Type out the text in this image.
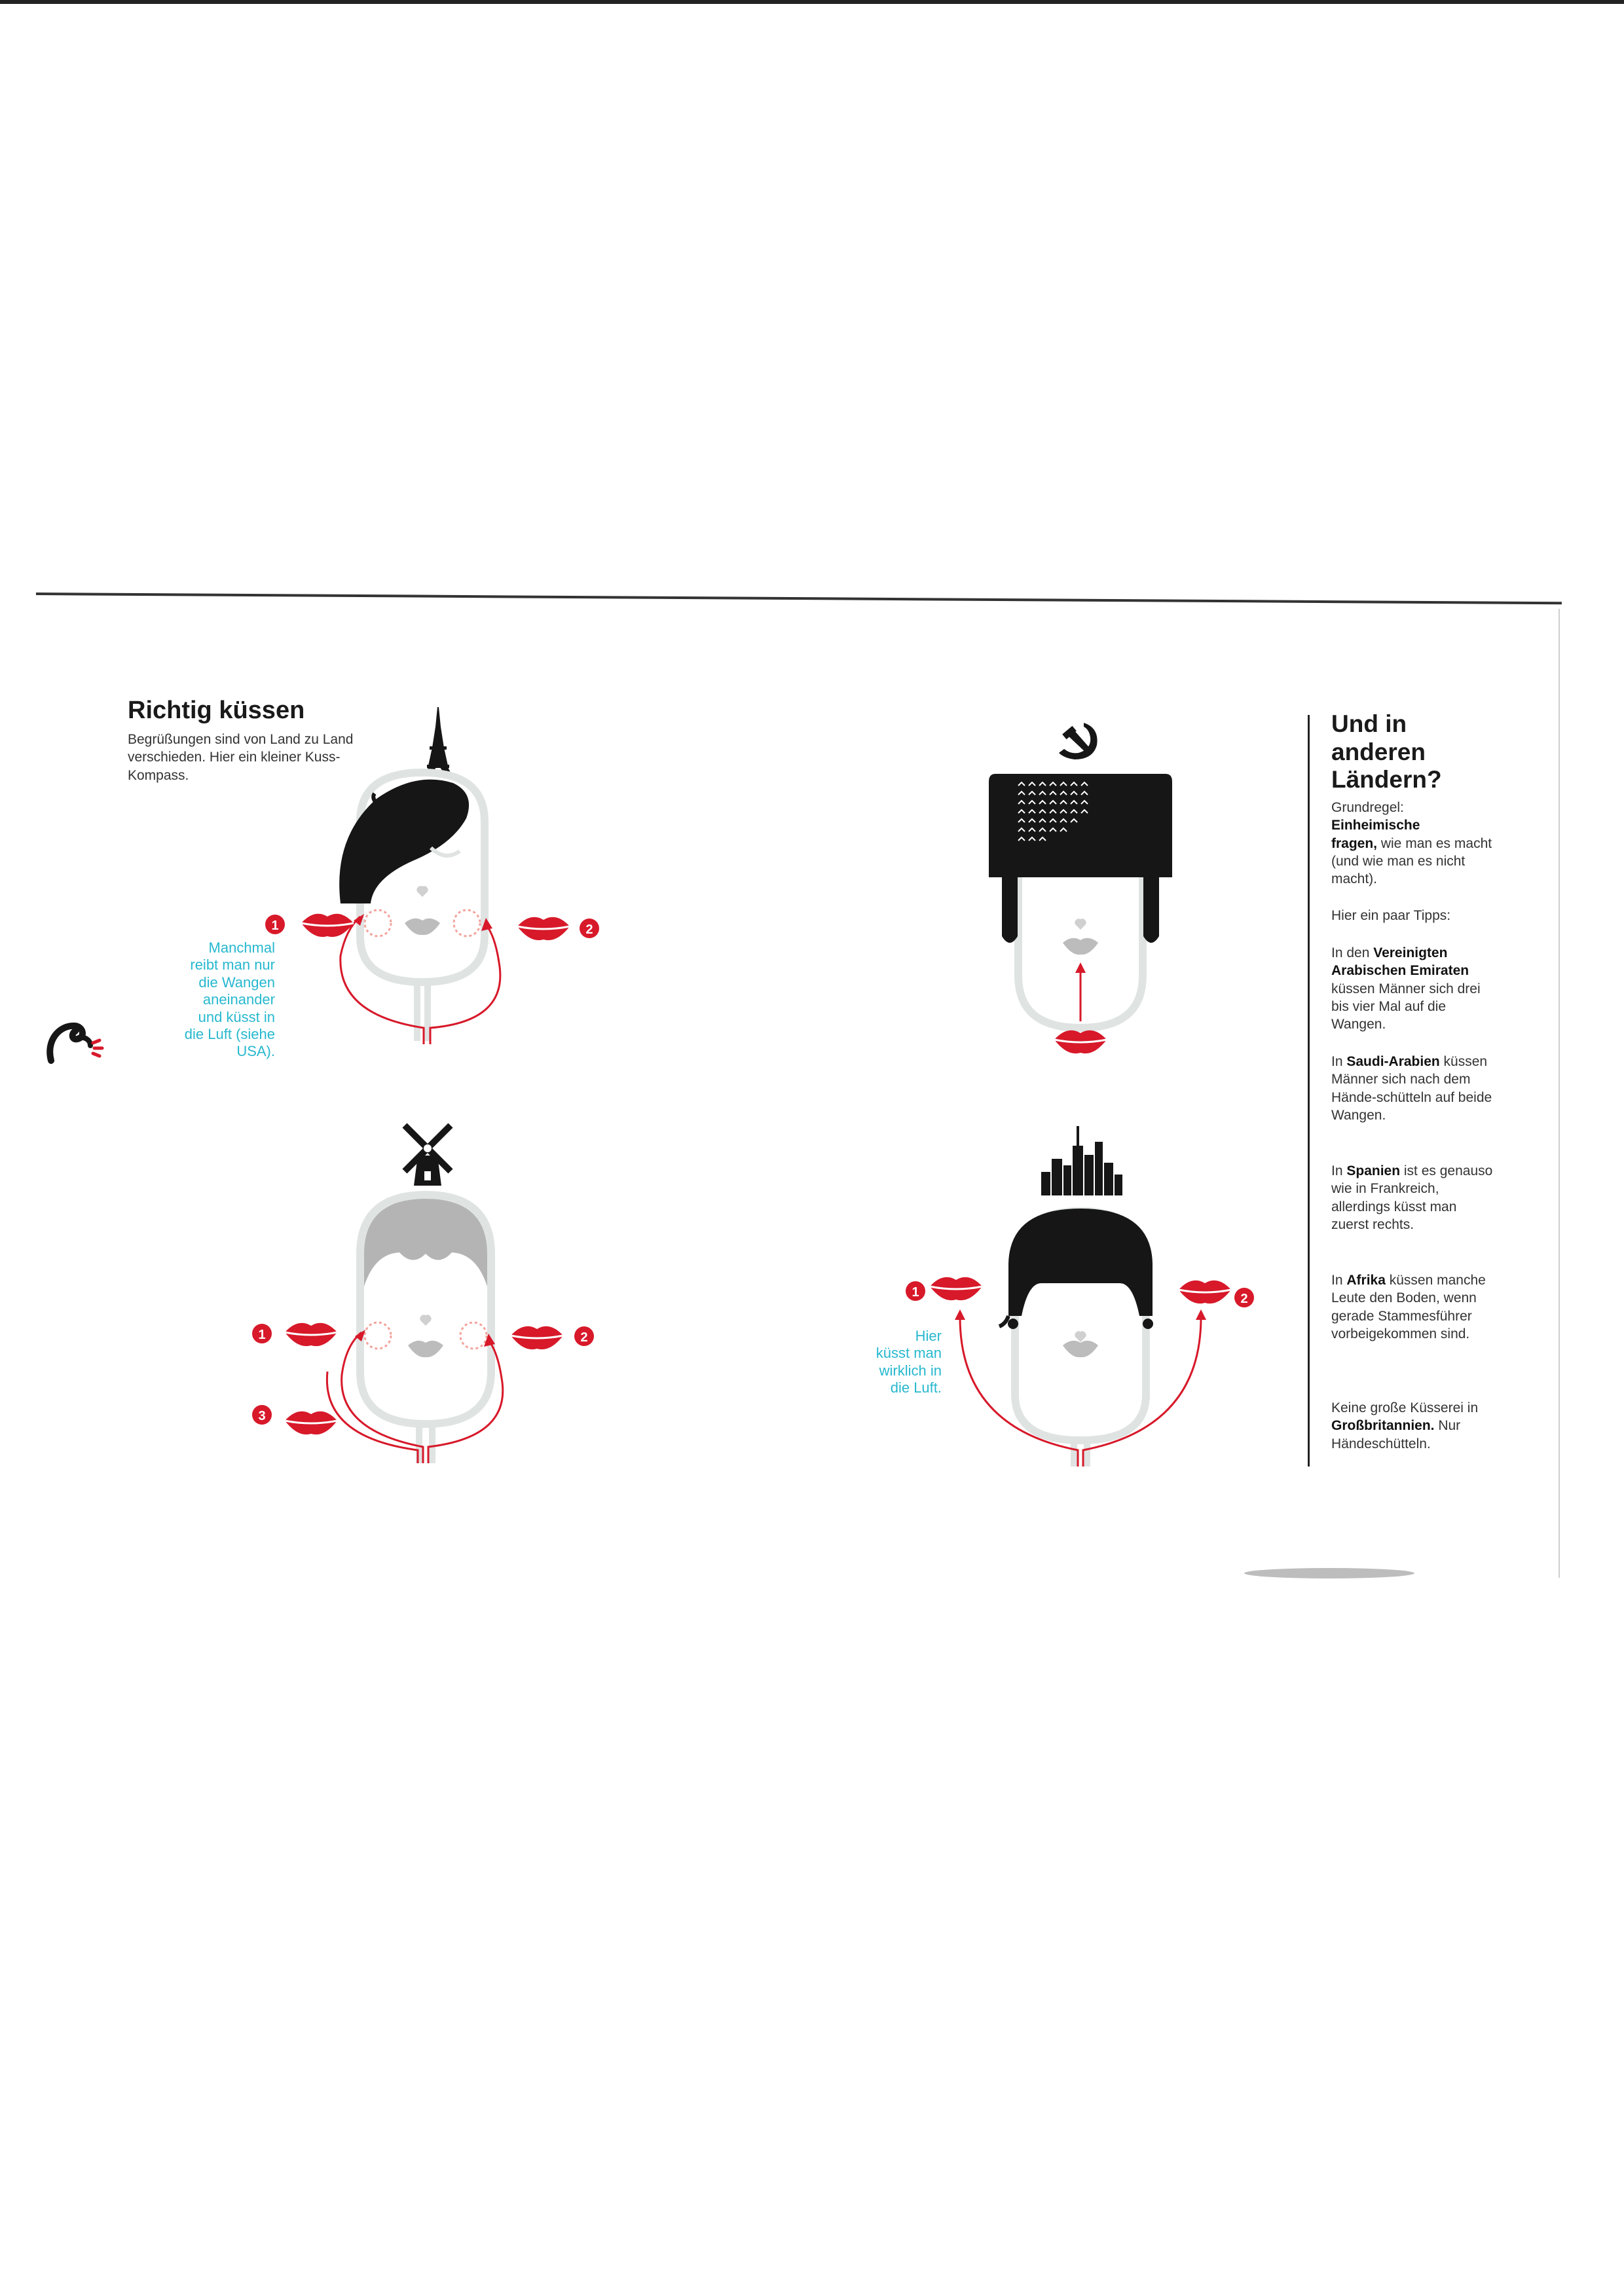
Richtig küssen

Begrüßungen sind von Land zu Land verschieden. Hier ein kleiner Kuss-Kompass.

1	2
Manchmal
reibt man nur
die Wangen
aneinander
und küsst in
die Luft (siehe
USA).
1	2
3
1	2
Hier
küsst man
wirklich in
die Luft.
Und in
anderen
Ländern?

Grundregel:
Einheimische
fragen, wie man es macht (und wie man es nicht macht).

Hier ein paar Tipps:

In den Vereinigten Arabischen Emiraten küssen Männer sich drei bis vier Mal auf die Wangen.

In Saudi-Arabien küssen Männer sich nach dem Hände-schütteln auf beide Wangen.

In Spanien ist es genauso wie in Frankreich, allerdings küsst man zuerst rechts.

In Afrika küssen manche Leute den Boden, wenn gerade Stammesführer vorbeigekommen sind.

Keine große Küsserei in Großbritannien. Nur Händeschütteln.
